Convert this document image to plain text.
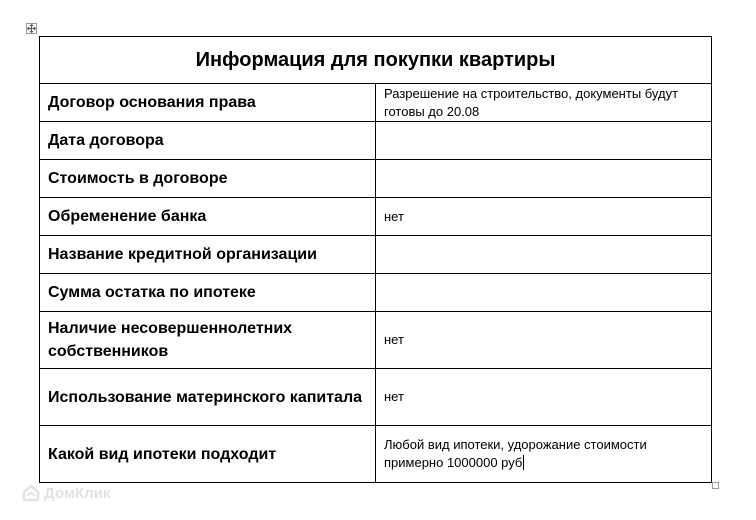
Информация для покупки квартиры	
Договор основания права	Разрешение на строительство, документы будут готовы до 20.08
Дата договора	
Стоимость в договоре	
Обременение банка	нет
Название кредитной организации	
Сумма остатка по ипотеке	
Наличие несовершеннолетних собственников	нет
Использование материнского капитала	нет
Какой вид ипотеки подходит	Любой вид ипотеки, удорожание стоимости примерно 1000000 руб
ДомКлик
